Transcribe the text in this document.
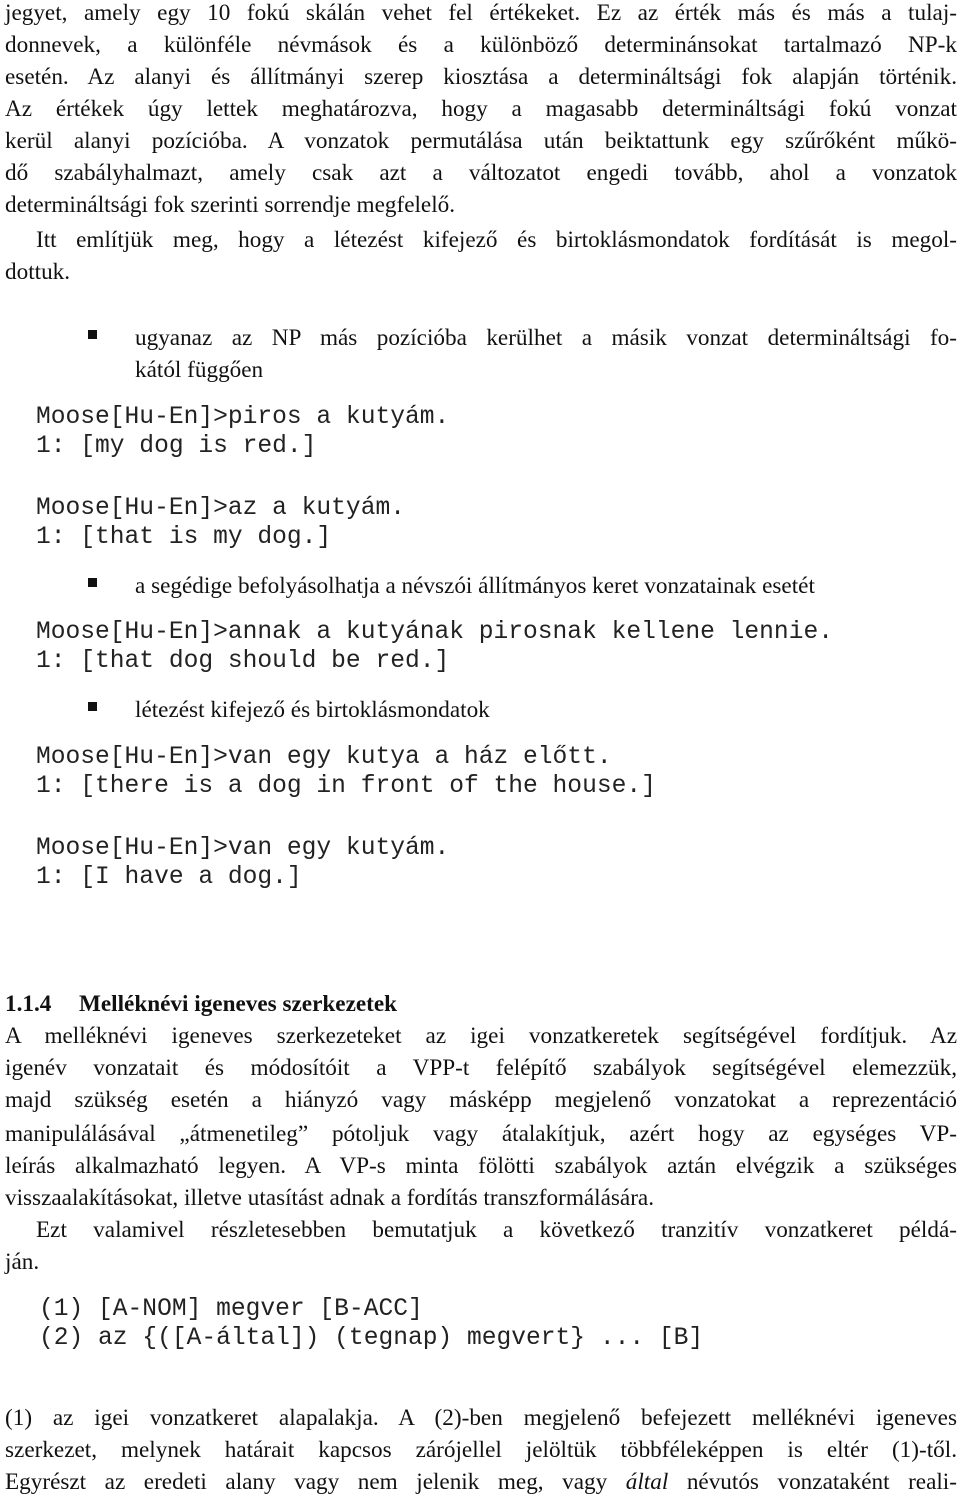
jegyet, amely egy 10 fokú skálán vehet fel értékeket. Ez az érték más és más a tulaj-
donnevek, a különféle névmások és a különböző determinánsokat tartalmazó NP-k
esetén. Az alanyi és állítmányi szerep kiosztása a determináltsági fok alapján történik.
Az értékek úgy lettek meghatározva, hogy a magasabb determináltsági fokú vonzat
kerül alanyi pozícióba. A vonzatok permutálása után beiktattunk egy szűrőként műkö-
dő szabályhalmazt, amely csak azt a változatot engedi tovább, ahol a vonzatok
determináltsági fok szerinti sorrendje megfelelő.
Itt említjük meg, hogy a létezést kifejező és birtoklásmondatok fordítását is megol-
dottuk.
ugyanaz az NP más pozícióba kerülhet a másik vonzat determináltsági fo-
kától függően
Moose[Hu-En]>piros a kutyám.
1: [my dog is red.]
Moose[Hu-En]>az a kutyám.
1: [that is my dog.]
a segédige befolyásolhatja a névszói állítmányos keret vonzatainak esetét
Moose[Hu-En]>annak a kutyának pirosnak kellene lennie.
1: [that dog should be red.]
létezést kifejező és birtoklásmondatok
Moose[Hu-En]>van egy kutya a ház előtt.
1: [there is a dog in front of the house.]
Moose[Hu-En]>van egy kutyám.
1: [I have a dog.]
1.1.4 Melléknévi igeneves szerkezetek
A melléknévi igeneves szerkezeteket az igei vonzatkeretek segítségével fordítjuk. Az
igenév vonzatait és módosítóit a VPP-t felépítő szabályok segítségével elemezzük,
majd szükség esetén a hiányzó vagy másképp megjelenő vonzatokat a reprezentáció
manipulálásával „átmenetileg” pótoljuk vagy átalakítjuk, azért hogy az egységes VP-
leírás alkalmazható legyen. A VP-s minta fölötti szabályok aztán elvégzik a szükséges
visszaalakításokat, illetve utasítást adnak a fordítás transzformálására.
Ezt valamivel részletesebben bemutatjuk a következő tranzitív vonzatkeret példá-
ján.
(1) [A-NOM] megver [B-ACC]
(2) az {([A-által]) (tegnap) megvert} ... [B]
(1) az igei vonzatkeret alapalakja. A (2)-ben megjelenő befejezett melléknévi igeneves
szerkezet, melynek határait kapcsos zárójellel jelöltük többféleképpen is eltér (1)-től.
Egyrészt az eredeti alany vagy nem jelenik meg, vagy által névutós vonzataként reali-
